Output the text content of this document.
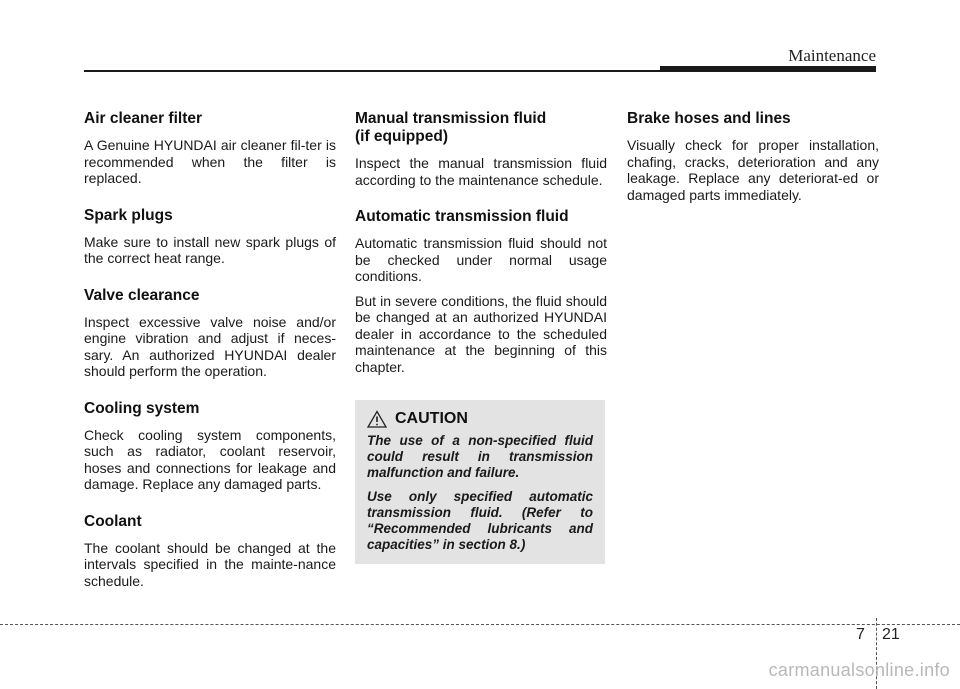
Maintenance
Air cleaner filter

A Genuine HYUNDAI air cleaner fil-ter is recommended when the filter is replaced.

Spark plugs

Make sure to install new spark plugs of the correct heat range.

Valve clearance

Inspect excessive valve noise and/or engine vibration and adjust if neces-sary. An authorized HYUNDAI dealer should perform the operation.

Cooling system

Check cooling system components, such as radiator, coolant reservoir, hoses and connections for leakage and damage. Replace any damaged parts.

Coolant

The coolant should be changed at the intervals specified in the mainte-nance schedule.

Manual transmission fluid
(if equipped)

Inspect the manual transmission fluid according to the maintenance schedule.

Automatic transmission fluid

Automatic transmission fluid should not be checked under normal usage conditions.

But in severe conditions, the fluid should be changed at an authorized HYUNDAI dealer in accordance to the scheduled maintenance at the beginning of this chapter.

CAUTION

The use of a non-specified fluid could result in transmission malfunction and failure.

Use only specified automatic transmission fluid. (Refer to “Recommended lubricants and capacities” in section 8.)

Brake hoses and lines

Visually check for proper installation, chafing, cracks, deterioration and any leakage. Replace any deteriorat-ed or damaged parts immediately.

7 21
carmanualsonline.info
